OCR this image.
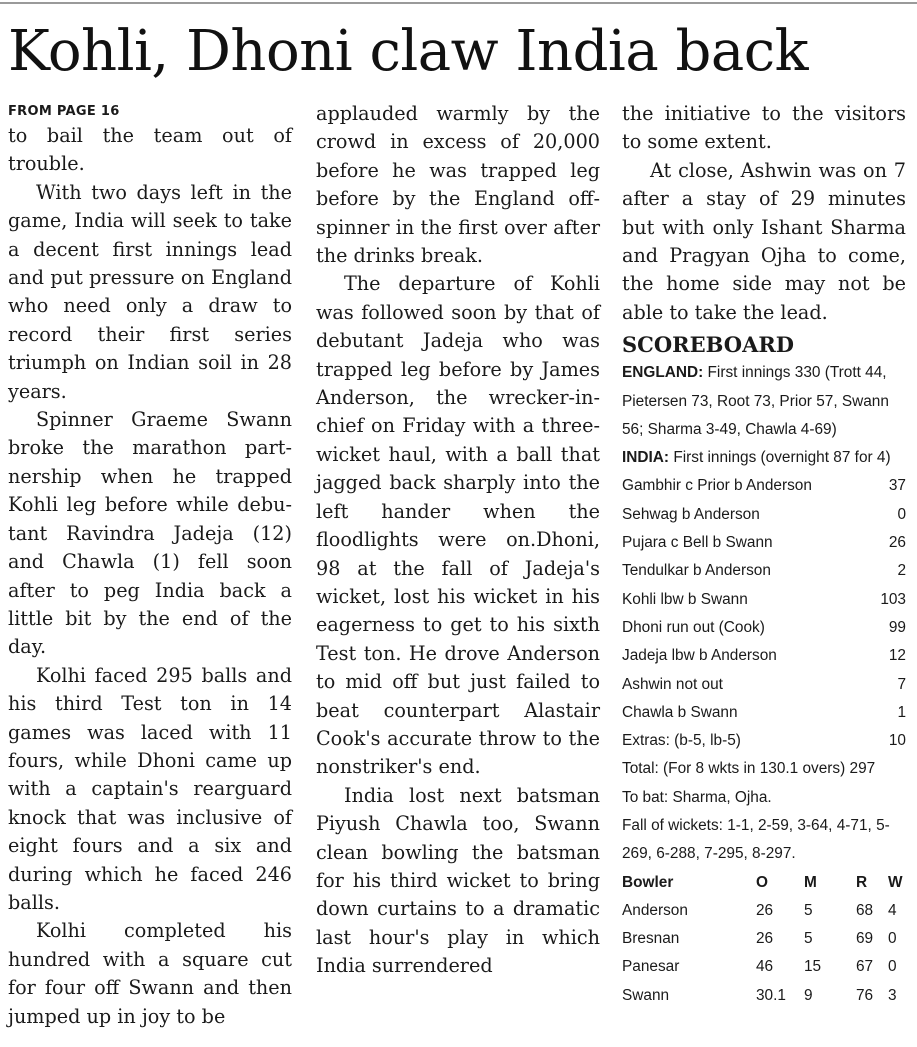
Kohli, Dhoni claw India back
FROM PAGE 16

to bail the team out of trouble.

With two days left in the game, India will seek to take a decent first innings lead and put pressure on England who need only a draw to record their first series triumph on Indian soil in 28 years.

Spinner Graeme Swann broke the marathon partnership when he trapped Kohli leg before while debutant Ravindra Jadeja (12) and Chawla (1) fell soon after to peg India back a little bit by the end of the day.

Kolhi faced 295 balls and his third Test ton in 14 games was laced with 11 fours, while Dhoni came up with a captain's rearguard knock that was inclusive of eight fours and a six and during which he faced 246 balls.

Kolhi completed his hundred with a square cut for four off Swann and then jumped up in joy to be

applauded warmly by the crowd in excess of 20,000 before he was trapped leg before by the England offspinner in the first over after the drinks break.

The departure of Kohli was followed soon by that of debutant Jadeja who was trapped leg before by James Anderson, the wrecker-in-chief on Friday with a three-wicket haul, with a ball that jagged back sharply into the left hander when the floodlights were on.Dhoni, 98 at the fall of Jadeja's wicket, lost his wicket in his eagerness to get to his sixth Test ton. He drove Anderson to mid off but just failed to beat counterpart Alastair Cook's accurate throw to the nonstriker's end.

India lost next batsman Piyush Chawla too, Swann clean bowling the batsman for his third wicket to bring down curtains to a dramatic last hour's play in which India surrendered

the initiative to the visitors to some extent.

At close, Ashwin was on 7 after a stay of 29 minutes but with only Ishant Sharma and Pragyan Ojha to come, the home side may not be able to take the lead.

SCOREBOARD
ENGLAND: First innings 330 (Trott 44,
Pietersen 73, Root 73, Prior 57, Swann
56; Sharma 3-49, Chawla 4-69)
INDIA: First innings (overnight 87 for 4)
Gambhir c Prior b Anderson	37
Sehwag b Anderson	0
Pujara c Bell b Swann	26
Tendulkar b Anderson	2
Kohli lbw b Swann	103
Dhoni run out (Cook)	99
Jadeja lbw b Anderson	12
Ashwin not out	7
Chawla b Swann	1
Extras: (b-5, lb-5)	10
Total: (For 8 wkts in 130.1 overs) 297
To bat: Sharma, Ojha.
Fall of wickets: 1-1, 2-59, 3-64, 4-71, 5-
269, 6-288, 7-295, 8-297.
Bowler	O	M	R	W
Anderson	26	5	68	4
Bresnan	26	5	69	0
Panesar	46	15	67	0
Swann	30.1	9	76	3
